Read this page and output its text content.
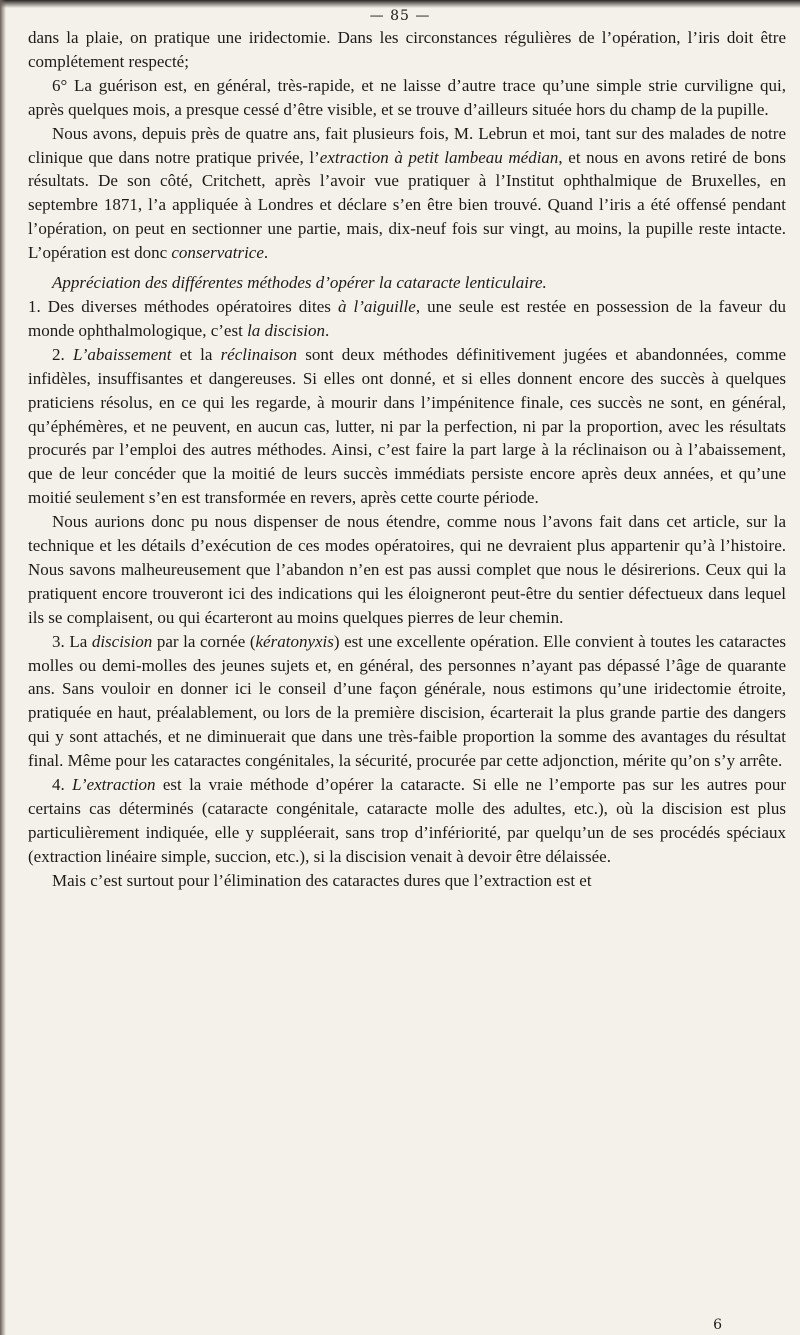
— 85 —

dans la plaie, on pratique une iridectomie. Dans les circonstances régulières de l’opération, l’iris doit être complétement respecté;

6° La guérison est, en général, très-rapide, et ne laisse d’autre trace qu’une simple strie curviligne qui, après quelques mois, a presque cessé d’être visible, et se trouve d’ailleurs située hors du champ de la pupille.

Nous avons, depuis près de quatre ans, fait plusieurs fois, M. Lebrun et moi, tant sur des malades de notre clinique que dans notre pratique privée, l’extraction à petit lambeau médian, et nous en avons retiré de bons résultats. De son côté, Critchett, après l’avoir vue pratiquer à l’Institut ophthalmique de Bruxelles, en septembre 1871, l’a appliquée à Londres et déclare s’en être bien trouvé. Quand l’iris a été offensé pendant l’opération, on peut en sectionner une partie, mais, dix-neuf fois sur vingt, au moins, la pupille reste intacte. L’opération est donc conservatrice.

Appréciation des différentes méthodes d’opérer la cataracte lenticulaire.

1. Des diverses méthodes opératoires dites à l’aiguille, une seule est restée en possession de la faveur du monde ophthalmologique, c’est la discision.

2. L’abaissement et la réclinaison sont deux méthodes définitivement jugées et abandonnées, comme infidèles, insuffisantes et dangereuses. Si elles ont donné, et si elles donnent encore des succès à quelques praticiens résolus, en ce qui les regarde, à mourir dans l’impénitence finale, ces succès ne sont, en général, qu’éphémères, et ne peuvent, en aucun cas, lutter, ni par la perfection, ni par la proportion, avec les résultats procurés par l’emploi des autres méthodes. Ainsi, c’est faire la part large à la réclinaison ou à l’abaissement, que de leur concéder que la moitié de leurs succès immédiats persiste encore après deux années, et qu’une moitié seulement s’en est transformée en revers, après cette courte période.

Nous aurions donc pu nous dispenser de nous étendre, comme nous l’avons fait dans cet article, sur la technique et les détails d’exécution de ces modes opératoires, qui ne devraient plus appartenir qu’à l’histoire. Nous savons malheureusement que l’abandon n’en est pas aussi complet que nous le désirerions. Ceux qui la pratiquent encore trouveront ici des indications qui les éloigneront peut-être du sentier défectueux dans lequel ils se complaisent, ou qui écarteront au moins quelques pierres de leur chemin.

3. La discision par la cornée (kératonyxis) est une excellente opération. Elle convient à toutes les cataractes molles ou demi-molles des jeunes sujets et, en général, des personnes n’ayant pas dépassé l’âge de quarante ans. Sans vouloir en donner ici le conseil d’une façon générale, nous estimons qu’une iridectomie étroite, pratiquée en haut, préalablement, ou lors de la première discision, écarterait la plus grande partie des dangers qui y sont attachés, et ne diminuerait que dans une très-faible proportion la somme des avantages du résultat final. Même pour les cataractes congénitales, la sécurité, procurée par cette adjonction, mérite qu’on s’y arrête.

4. L’extraction est la vraie méthode d’opérer la cataracte. Si elle ne l’emporte pas sur les autres pour certains cas déterminés (cataracte congénitale, cataracte molle des adultes, etc.), où la discision est plus particulièrement indiquée, elle y suppléerait, sans trop d’infériorité, par quelqu’un de ses procédés spéciaux (extraction linéaire simple, succion, etc.), si la discision venait à devoir être délaissée.

Mais c’est surtout pour l’élimination des cataractes dures que l’extraction est et

6
